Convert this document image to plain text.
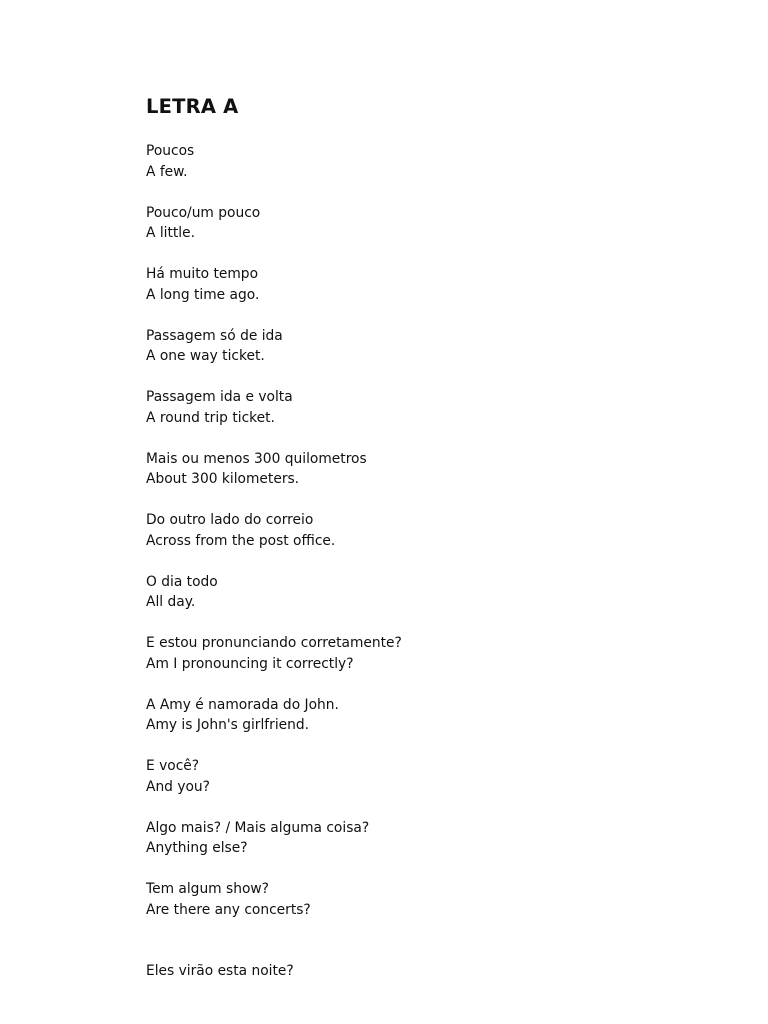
LETRA A
Poucos
A few.
Pouco/um pouco
A little.
Há muito tempo
A long time ago.
Passagem só de ida
A one way ticket.
Passagem ida e volta
A round trip ticket.
Mais ou menos 300 quilometros
About 300 kilometers.
Do outro lado do correio
Across from the post office.
O dia todo
All day.
E estou pronunciando corretamente?
Am I pronouncing it correctly?
A Amy é namorada do John.
Amy is John's girlfriend.
E você?
And you?
Algo mais? / Mais alguma coisa?
Anything else?
Tem algum show?
Are there any concerts?
Eles virão esta noite?
